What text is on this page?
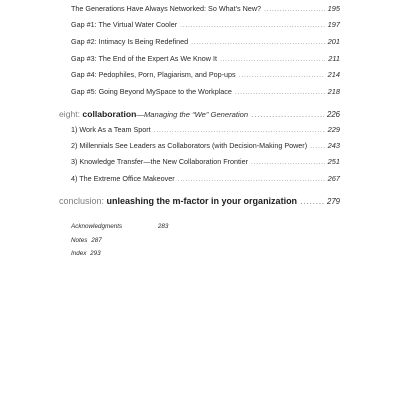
The Generations Have Always Networked: So What’s New? .....	195
Gap #1: The Virtual Water Cooler .....	197
Gap #2: Intimacy Is Being Redefined .....	201
Gap #3: The End of the Expert As We Know It .....	211
Gap #4: Pedophiles, Porn, Plagiarism, and Pop-ups .....	214
Gap #5: Going Beyond MySpace to the Workplace .....	218
eight: collaboration—Managing the “We” Generation .....	226
1) Work As a Team Sport .....	229
2) Millennials See Leaders as Collaborators (with Decision-Making Power) .....	243
3) Knowledge Transfer—the New Collaboration Frontier .....	251
4) The Extreme Office Makeover .....	267
conclusion: unleashing the m-factor in your organization .....	279
Acknowledgments	283
Notes 287
Index 293
